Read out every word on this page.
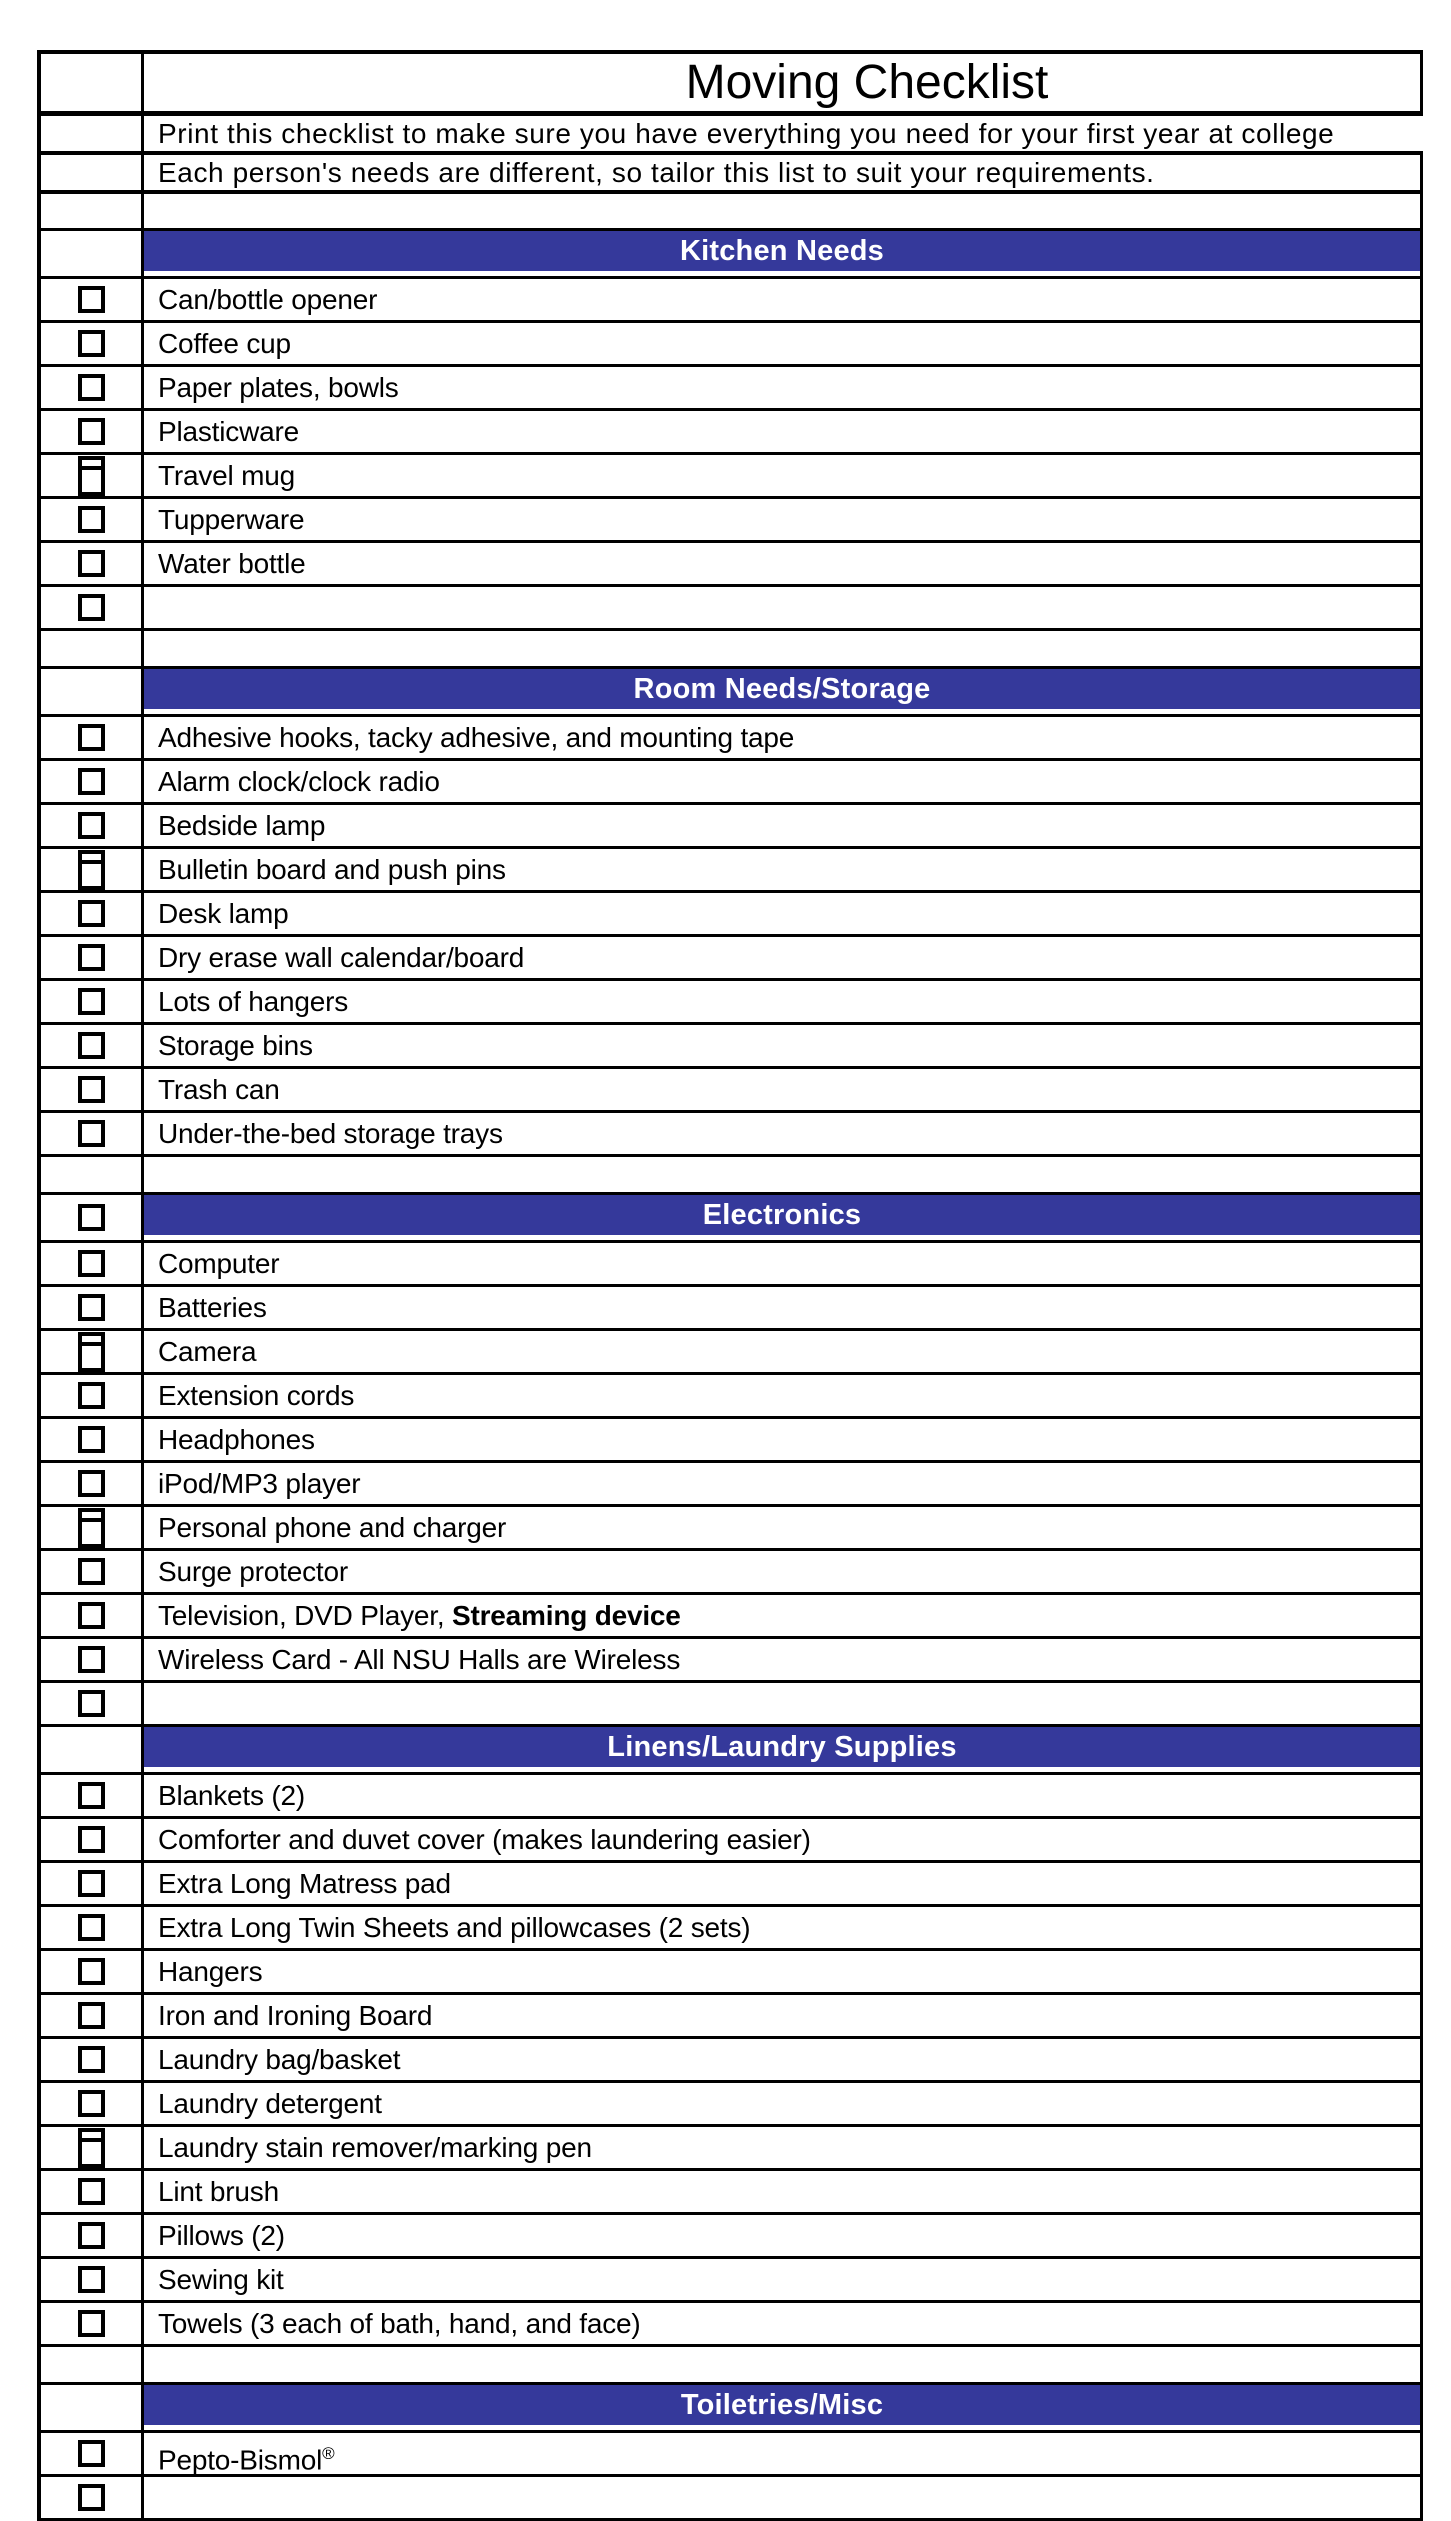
Moving Checklist
Print this checklist to make sure you have everything you need for your first year at college
Each person's needs are different, so tailor this list to suit your requirements.
Kitchen Needs
Can/bottle opener
Coffee cup
Paper plates, bowls
Plasticware
Travel mug
Tupperware
Water bottle
Room Needs/Storage
Adhesive hooks, tacky adhesive, and mounting tape
Alarm clock/clock radio
Bedside lamp
Bulletin board and push pins
Desk lamp
Dry erase wall calendar/board
Lots of hangers
Storage bins
Trash can
Under-the-bed storage trays
Electronics
Computer
Batteries
Camera
Extension cords
Headphones
iPod/MP3 player
Personal phone and charger
Surge protector
Television, DVD Player, Streaming device
Wireless Card - All NSU Halls are Wireless
Linens/Laundry Supplies
Blankets (2)
Comforter and duvet cover (makes laundering easier)
Extra Long Matress pad
Extra Long Twin Sheets and pillowcases (2 sets)
Hangers
Iron and Ironing Board
Laundry bag/basket
Laundry detergent
Laundry stain remover/marking pen
Lint brush
Pillows (2)
Sewing kit
Towels (3 each of bath, hand, and face)
Toiletries/Misc
Pepto-Bismol®
